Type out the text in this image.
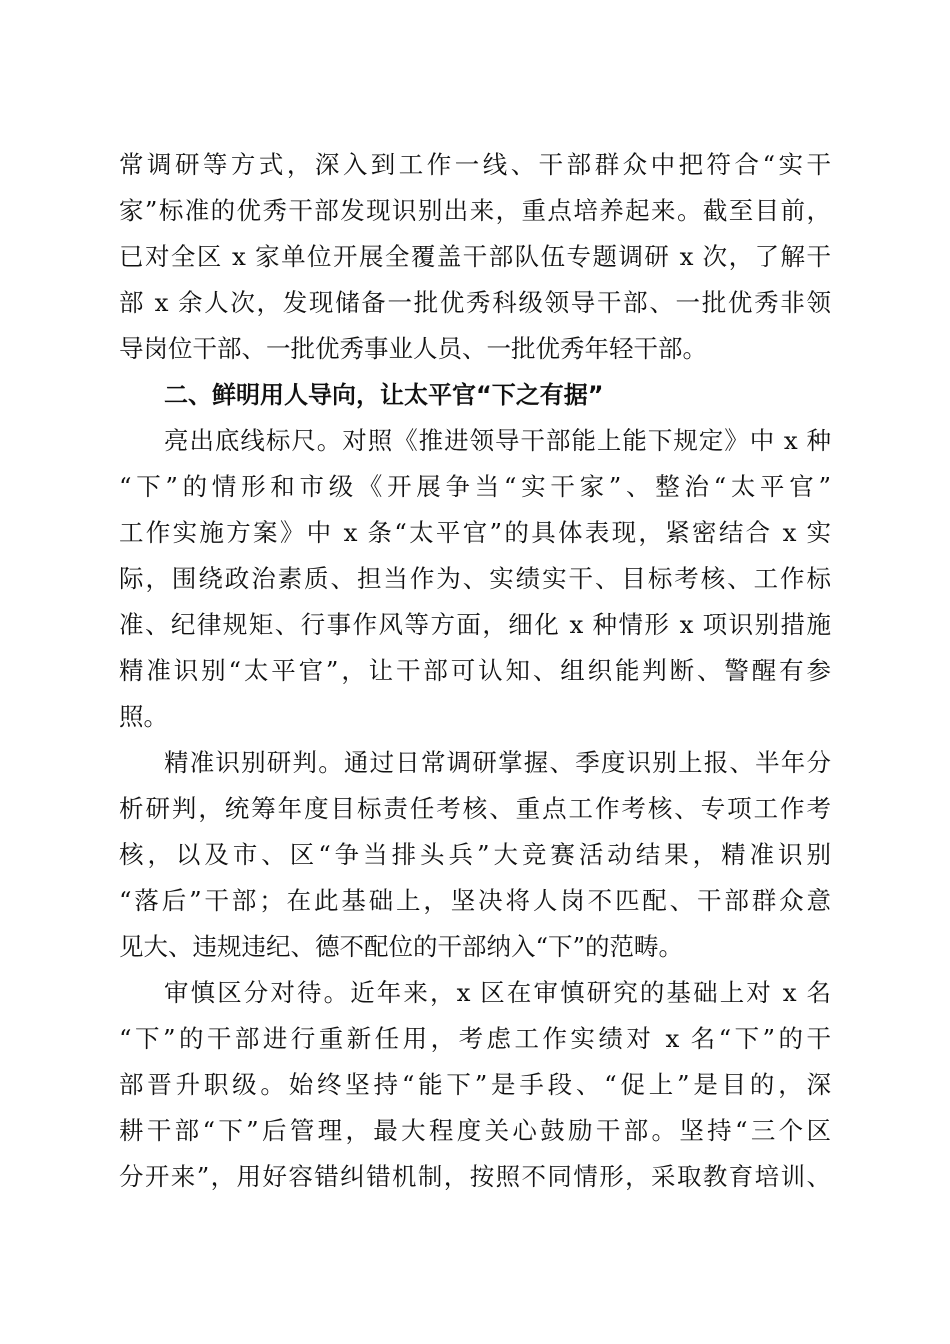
常调研等方式，深入到工作一线、干部群众中把符合“实干
家”标准的优秀干部发现识别出来，重点培养起来。截至目前，
已对全区 x 家单位开展全覆盖干部队伍专题调研 x 次，了解干
部 x 余人次，发现储备一批优秀科级领导干部、一批优秀非领
导岗位干部、一批优秀事业人员、一批优秀年轻干部。
二、鲜明用人导向，让太平官“下之有据”
亮出底线标尺。对照《推进领导干部能上能下规定》中 x 种
“下”的情形和市级《开展争当“实干家”、整治“太平官”
工作实施方案》中 x 条“太平官”的具体表现，紧密结合 x 实
际，围绕政治素质、担当作为、实绩实干、目标考核、工作标
准、纪律规矩、行事作风等方面，细化 x 种情形 x 项识别措施
精准识别“太平官”，让干部可认知、组织能判断、警醒有参
照。
精准识别研判。通过日常调研掌握、季度识别上报、半年分
析研判，统筹年度目标责任考核、重点工作考核、专项工作考
核，以及市、区“争当排头兵”大竞赛活动结果，精准识别
“落后”干部；在此基础上，坚决将人岗不匹配、干部群众意
见大、违规违纪、德不配位的干部纳入“下”的范畴。
审慎区分对待。近年来，x 区在审慎研究的基础上对 x 名
“下”的干部进行重新任用，考虑工作实绩对 x 名“下”的干
部晋升职级。始终坚持“能下”是手段、“促上”是目的，深
耕干部“下”后管理，最大程度关心鼓励干部。坚持“三个区
分开来”，用好容错纠错机制，按照不同情形，采取教育培训、
